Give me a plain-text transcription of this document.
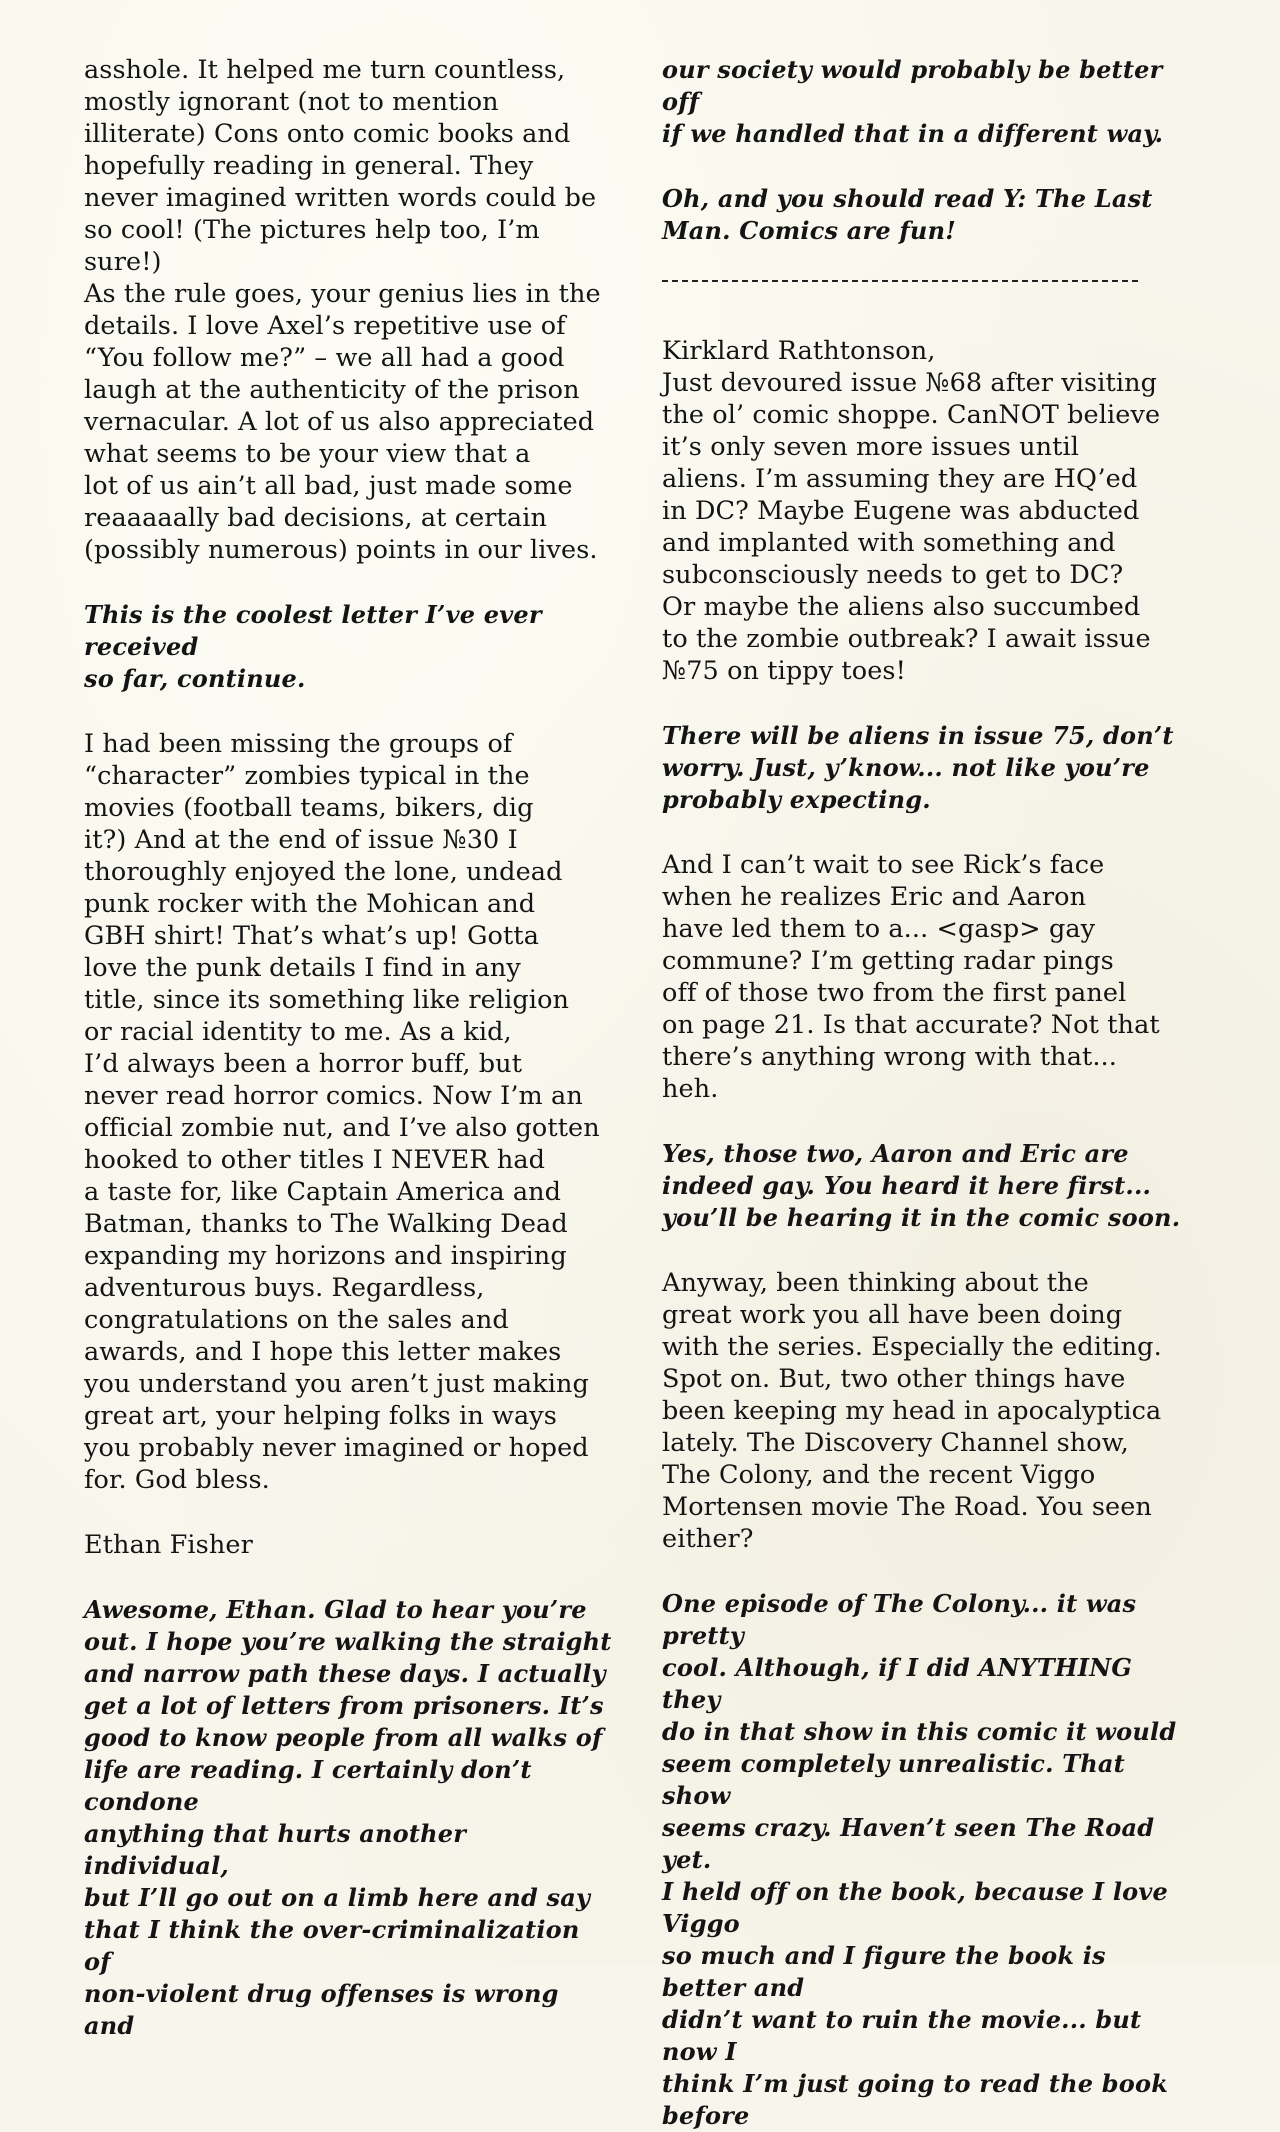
asshole. It helped me turn countless,
mostly ignorant (not to mention
illiterate) Cons onto comic books and
hopefully reading in general. They
never imagined written words could be
so cool! (The pictures help too, I’m sure!)
As the rule goes, your genius lies in the
details. I love Axel’s repetitive use of
“You follow me?” – we all had a good
laugh at the authenticity of the prison
vernacular. A lot of us also appreciated
what seems to be your view that a
lot of us ain’t all bad, just made some
reaaaaally bad decisions, at certain
(possibly numerous) points in our lives.

This is the coolest letter I’ve ever received
so far, continue.

I had been missing the groups of
“character” zombies typical in the
movies (football teams, bikers, dig
it?) And at the end of issue №30 I
thoroughly enjoyed the lone, undead
punk rocker with the Mohican and
GBH shirt! That’s what’s up! Gotta
love the punk details I find in any
title, since its something like religion
or racial identity to me. As a kid,
I’d always been a horror buff, but
never read horror comics. Now I’m an
official zombie nut, and I’ve also gotten
hooked to other titles I NEVER had
a taste for, like Captain America and
Batman, thanks to The Walking Dead
expanding my horizons and inspiring
adventurous buys. Regardless,
congratulations on the sales and
awards, and I hope this letter makes
you understand you aren’t just making
great art, your helping folks in ways
you probably never imagined or hoped
for. God bless.

Ethan Fisher

Awesome, Ethan. Glad to hear you’re
out. I hope you’re walking the straight
and narrow path these days. I actually
get a lot of letters from prisoners. It’s
good to know people from all walks of
life are reading. I certainly don’t condone
anything that hurts another individual,
but I’ll go out on a limb here and say
that I think the over-criminalization of
non-violent drug offenses is wrong and

our society would probably be better off
if we handled that in a different way.

Oh, and you should read Y: The Last
Man. Comics are fun!

Kirklard Rathtonson,
Just devoured issue №68 after visiting
the ol’ comic shoppe. CanNOT believe
it’s only seven more issues until
aliens. I’m assuming they are HQ’ed
in DC? Maybe Eugene was abducted
and implanted with something and
subconsciously needs to get to DC?
Or maybe the aliens also succumbed
to the zombie outbreak? I await issue
№75 on tippy toes!

There will be aliens in issue 75, don’t
worry. Just, y’know... not like you’re
probably expecting.

And I can’t wait to see Rick’s face
when he realizes Eric and Aaron
have led them to a... <gasp> gay
commune? I’m getting radar pings
off of those two from the first panel
on page 21. Is that accurate? Not that
there’s anything wrong with that...
heh.

Yes, those two, Aaron and Eric are
indeed gay. You heard it here first...
you’ll be hearing it in the comic soon.

Anyway, been thinking about the
great work you all have been doing
with the series. Especially the editing.
Spot on. But, two other things have
been keeping my head in apocalyptica
lately. The Discovery Channel show,
The Colony, and the recent Viggo
Mortensen movie The Road. You seen
either?

One episode of The Colony... it was pretty
cool. Although, if I did ANYTHING they
do in that show in this comic it would
seem completely unrealistic. That show
seems crazy. Haven’t seen The Road yet.
I held off on the book, because I love Viggo
so much and I figure the book is better and
didn’t want to ruin the movie... but now I
think I’m just going to read the book before
